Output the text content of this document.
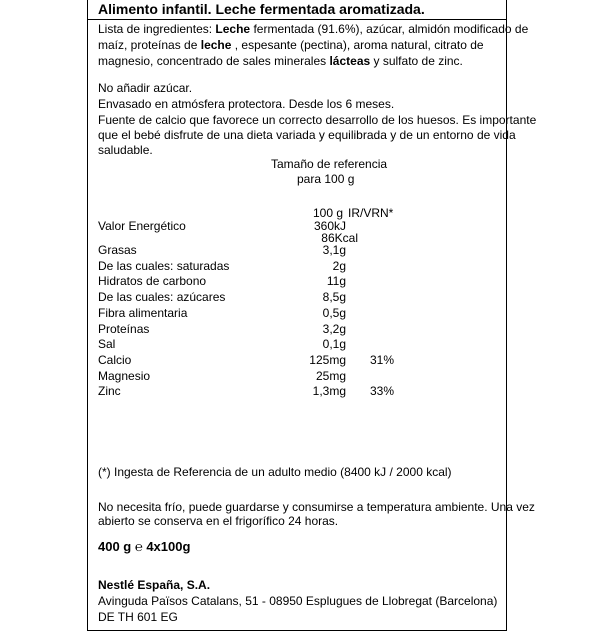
Alimento infantil. Leche fermentada aromatizada.
Lista de ingredientes: Leche fermentada (91.6%), azúcar, almidón modificado de
maíz, proteínas de leche , espesante (pectina), aroma natural, citrato de
magnesio, concentrado de sales minerales lácteas y sulfato de zinc.
No añadir azúcar.
Envasado en atmósfera protectora. Desde los 6 meses.
Fuente de calcio que favorece un correcto desarrollo de los huesos. Es importante
que el bebé disfrute de una dieta variada y equilibrada y de un entorno de vida
saludable.
Tamaño de referencia
para 100 g
100 g IR/VRN*
Valor Energético	360kJ
86Kcal
Grasas	3,1g
De las cuales: saturadas	2g
Hidratos de carbono	11g
De las cuales: azúcares	8,5g
Fibra alimentaria	0,5g
Proteínas	3,2g
Sal	0,1g
Calcio	125mg 31%
Magnesio	25mg
Zinc	1,3mg 33%
(*) Ingesta de Referencia de un adulto medio (8400 kJ / 2000 kcal)
No necesita frío, puede guardarse y consumirse a temperatura ambiente. Una vez
abierto se conserva en el frigorífico 24 horas.
400 g ℮ 4x100g
Nestlé España, S.A.
Avinguda Països Catalans, 51 - 08950 Esplugues de Llobregat (Barcelona)
DE TH 601 EG
